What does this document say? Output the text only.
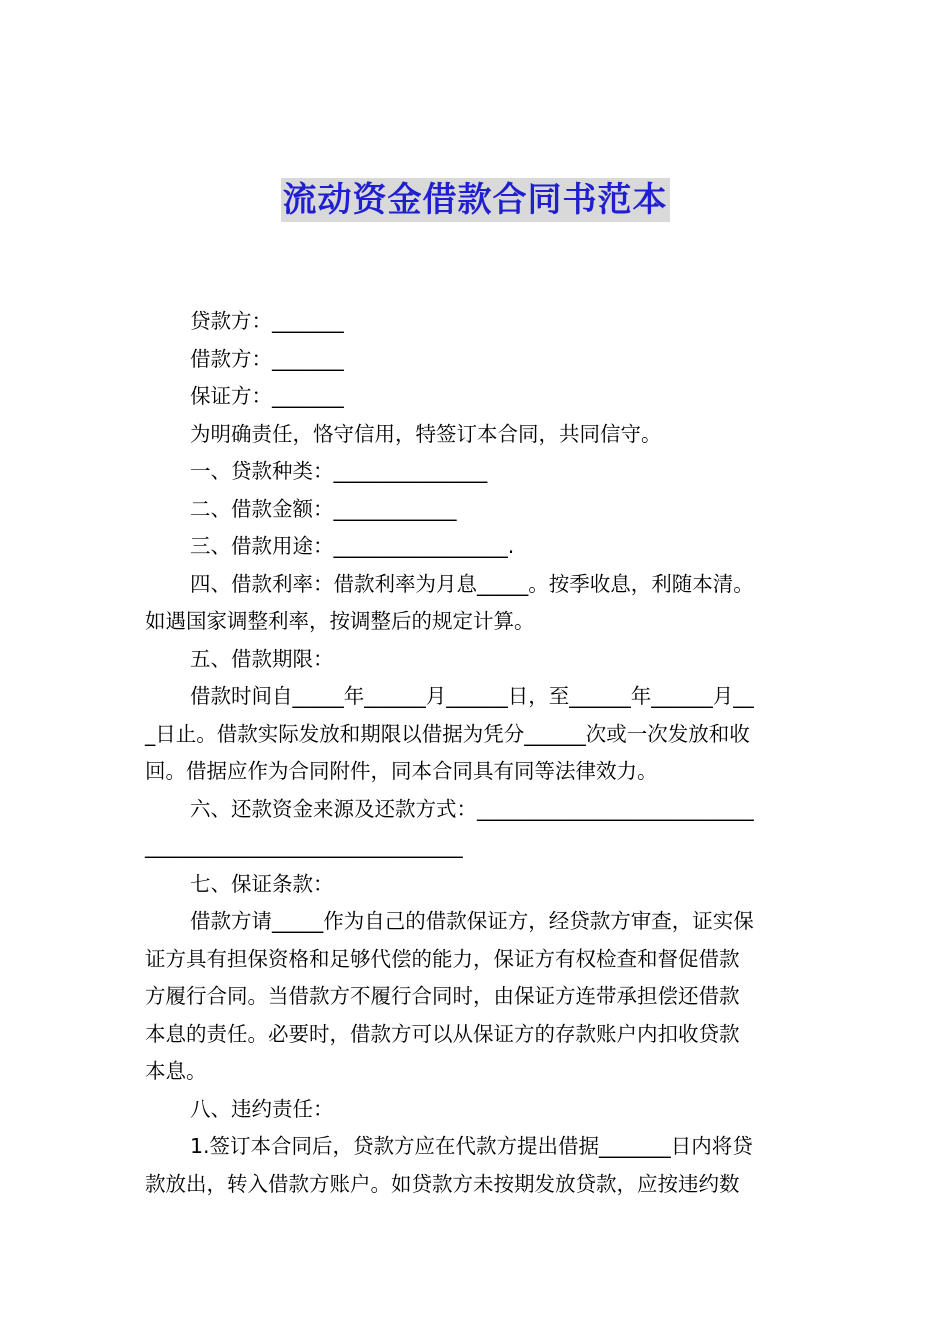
流动资金借款合同书范本
贷款方：_______
借款方：_______
保证方：_______
为明确责任，恪守信用，特签订本合同，共同信守。
一、贷款种类：_______________
二、借款金额：____________
三、借款用途：_________________.
四、借款利率：借款利率为月息_____。按季收息，利随本清。
如遇国家调整利率，按调整后的规定计算。
五、借款期限：
借款时间自_____年______月______日，至______年______月__
_日止。借款实际发放和期限以借据为凭分______次或一次发放和收
回。借据应作为合同附件，同本合同具有同等法律效力。
六、还款资金来源及还款方式：___________________________
_______________________________
七、保证条款：
借款方请_____作为自己的借款保证方，经贷款方审查，证实保
证方具有担保资格和足够代偿的能力，保证方有权检查和督促借款
方履行合同。当借款方不履行合同时，由保证方连带承担偿还借款
本息的责任。必要时，借款方可以从保证方的存款账户内扣收贷款
本息。
八、违约责任：
1.签订本合同后，贷款方应在代款方提出借据_______日内将贷
款放出，转入借款方账户。如贷款方未按期发放贷款，应按违约数
